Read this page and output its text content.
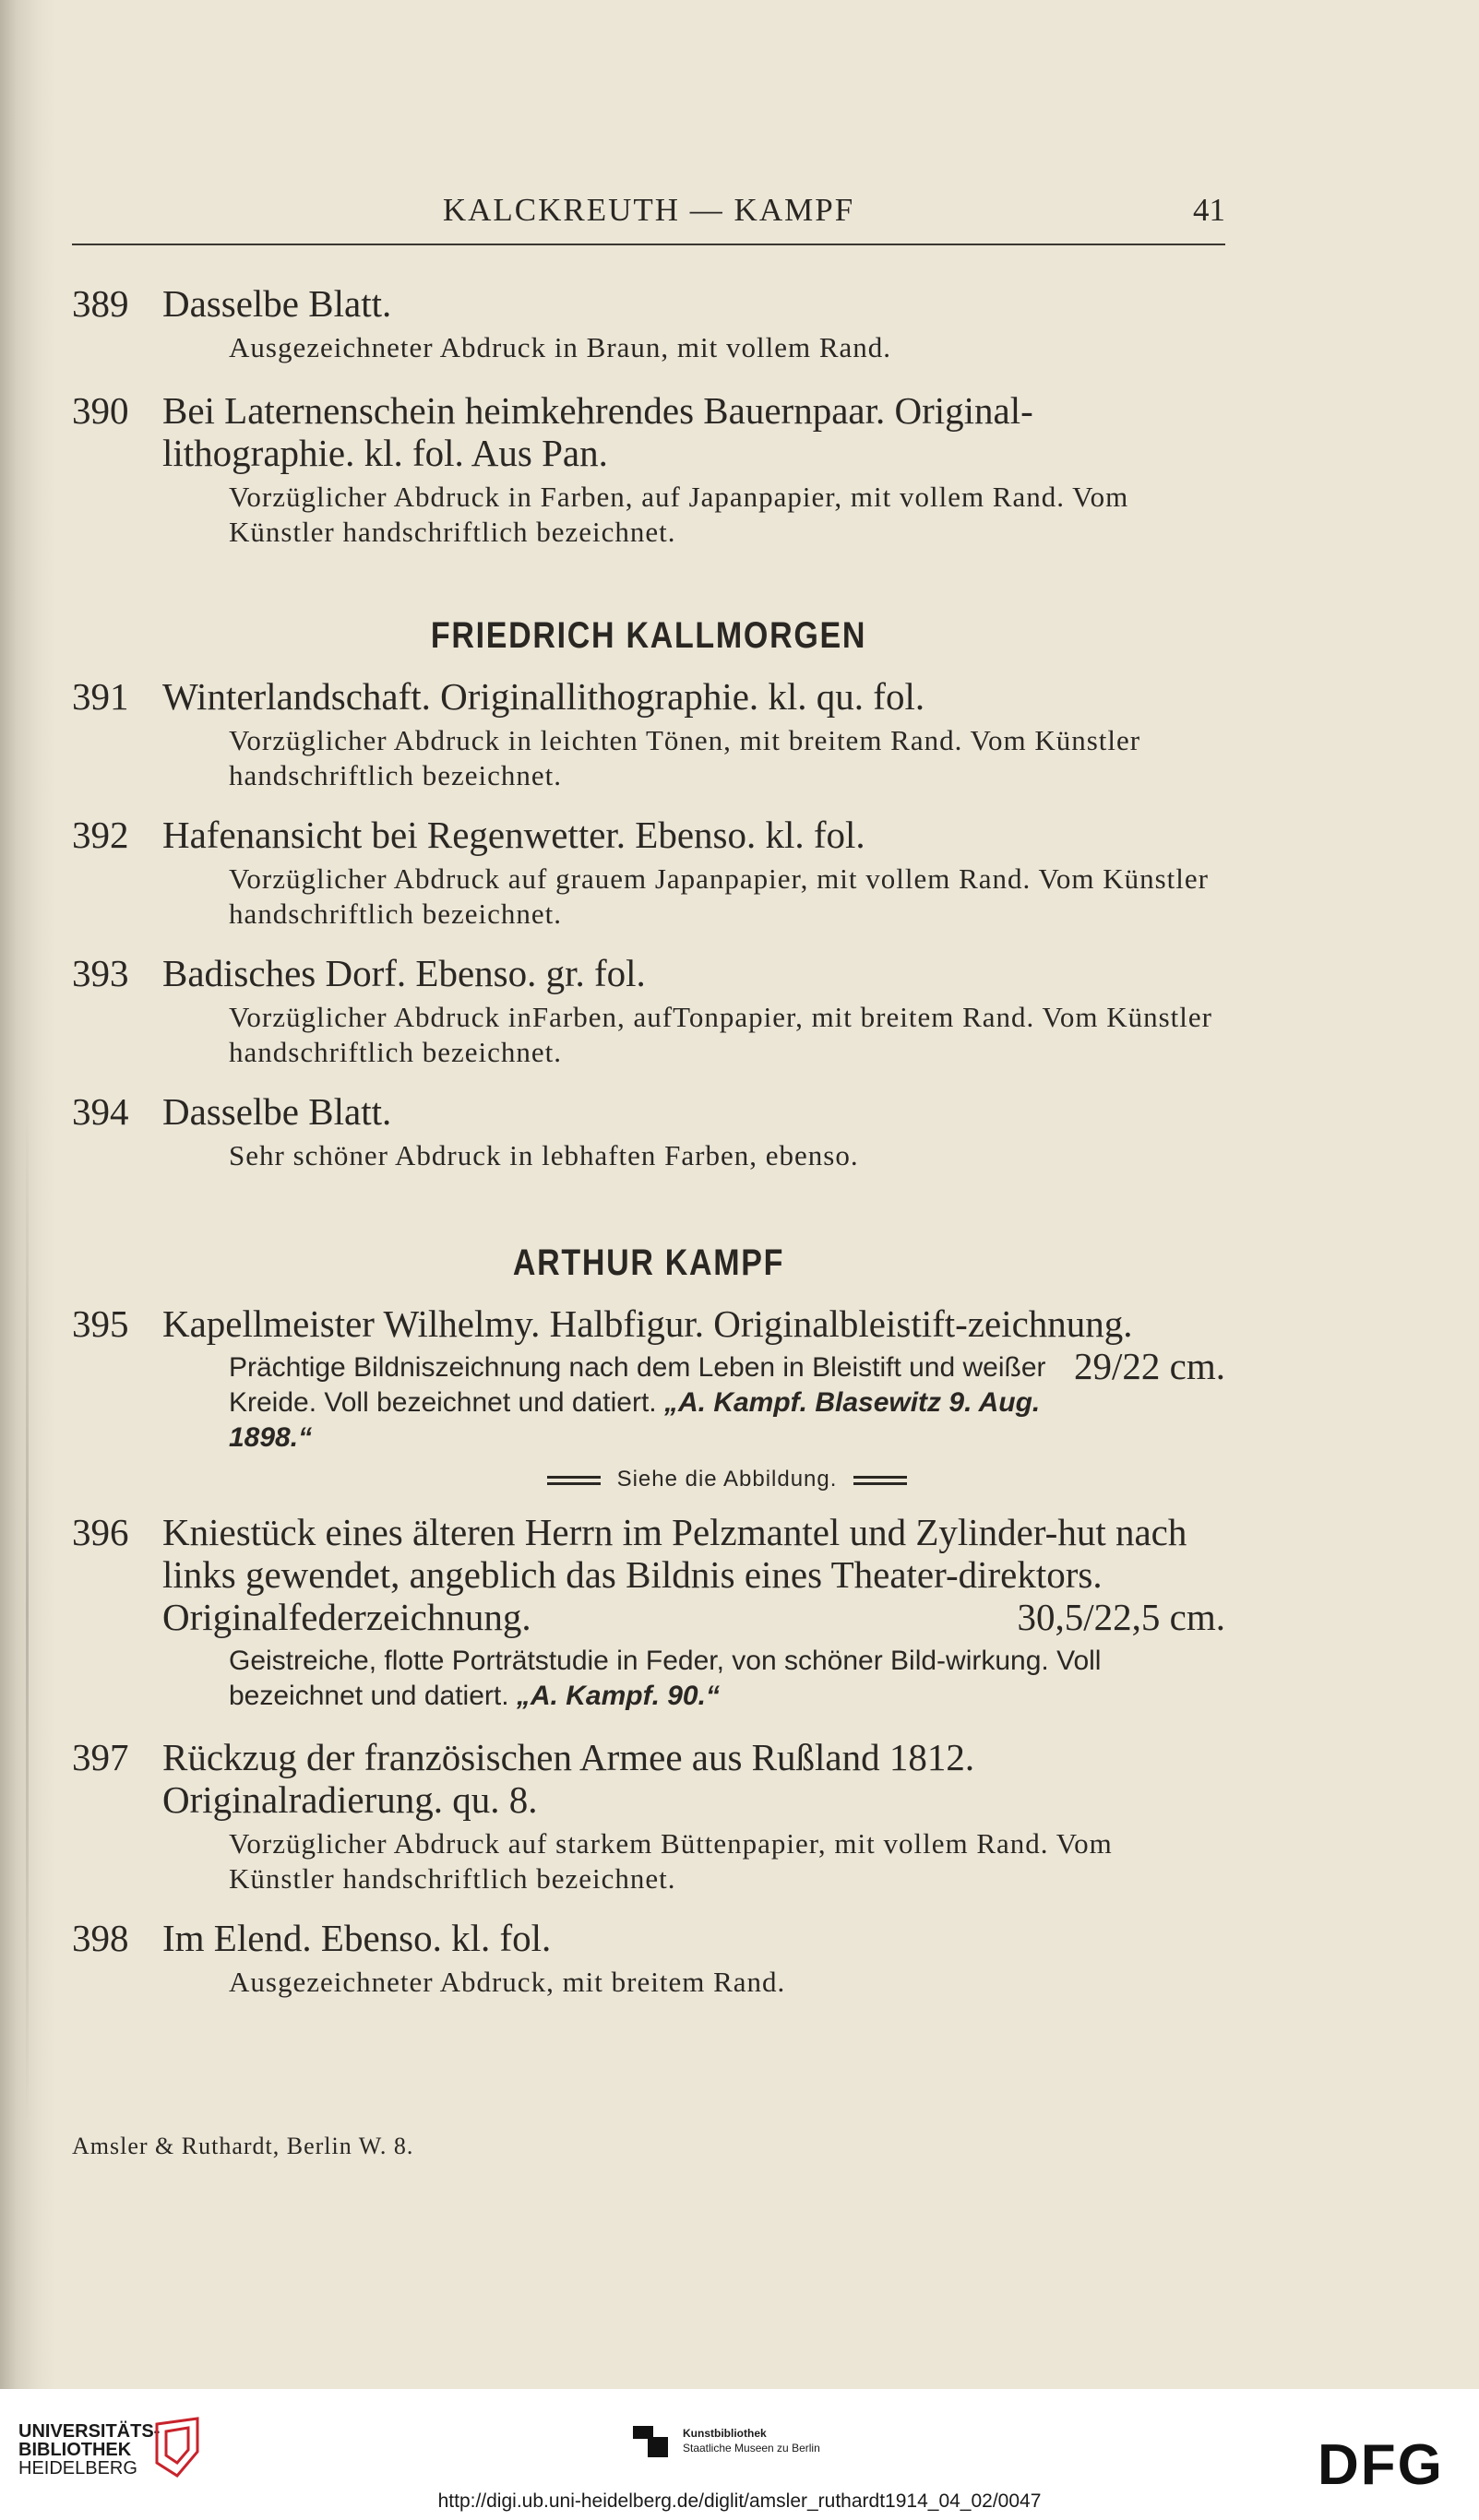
KALCKREUTH — KAMPF	41
389 Dasselbe Blatt.
Ausgezeichneter Abdruck in Braun, mit vollem Rand.
390 Bei Laternenschein heimkehrendes Bauernpaar. Original-lithographie. kl. fol. Aus Pan.
Vorzüglicher Abdruck in Farben, auf Japanpapier, mit vollem Rand. Vom Künstler handschriftlich bezeichnet.
FRIEDRICH KALLMORGEN
391 Winterlandschaft. Originallithographie. kl. qu. fol.
Vorzüglicher Abdruck in leichten Tönen, mit breitem Rand. Vom Künstler handschriftlich bezeichnet.
392 Hafenansicht bei Regenwetter. Ebenso. kl. fol.
Vorzüglicher Abdruck auf grauem Japanpapier, mit vollem Rand. Vom Künstler handschriftlich bezeichnet.
393 Badisches Dorf. Ebenso. gr. fol.
Vorzüglicher Abdruck inFarben, aufTonpapier, mit breitem Rand. Vom Künstler handschriftlich bezeichnet.
394 Dasselbe Blatt.
Sehr schöner Abdruck in lebhaften Farben, ebenso.
ARTHUR KAMPF
395 Kapellmeister Wilhelmy. Halbfigur. Originalbleistift-zeichnung.
29/22 cm.
Prächtige Bildniszeichnung nach dem Leben in Bleistift und weißer Kreide. Voll bezeichnet und datiert. „A. Kampf. Blasewitz 9. Aug. 1898.“
Siehe die Abbildung.
396 Kniestück eines älteren Herrn im Pelzmantel und Zylinder-hut nach links gewendet, angeblich das Bildnis eines Theater-direktors. Originalfederzeichnung.	30,5/22,5 cm.
Geistreiche, flotte Porträtstudie in Feder, von schöner Bild-wirkung. Voll bezeichnet und datiert. „A. Kampf. 90.“
397 Rückzug der französischen Armee aus Rußland 1812. Originalradierung. qu. 8.
Vorzüglicher Abdruck auf starkem Büttenpapier, mit vollem Rand. Vom Künstler handschriftlich bezeichnet.
398 Im Elend. Ebenso. kl. fol.
Ausgezeichneter Abdruck, mit breitem Rand.
Amsler & Ruthardt, Berlin W. 8.
UNIVERSITÄTS-
BIBLIOTHEK
HEIDELBERG
Kunstbibliothek
Staatliche Museen zu Berlin	DFG
http://digi.ub.uni-heidelberg.de/diglit/amsler_ruthardt1914_04_02/0047
